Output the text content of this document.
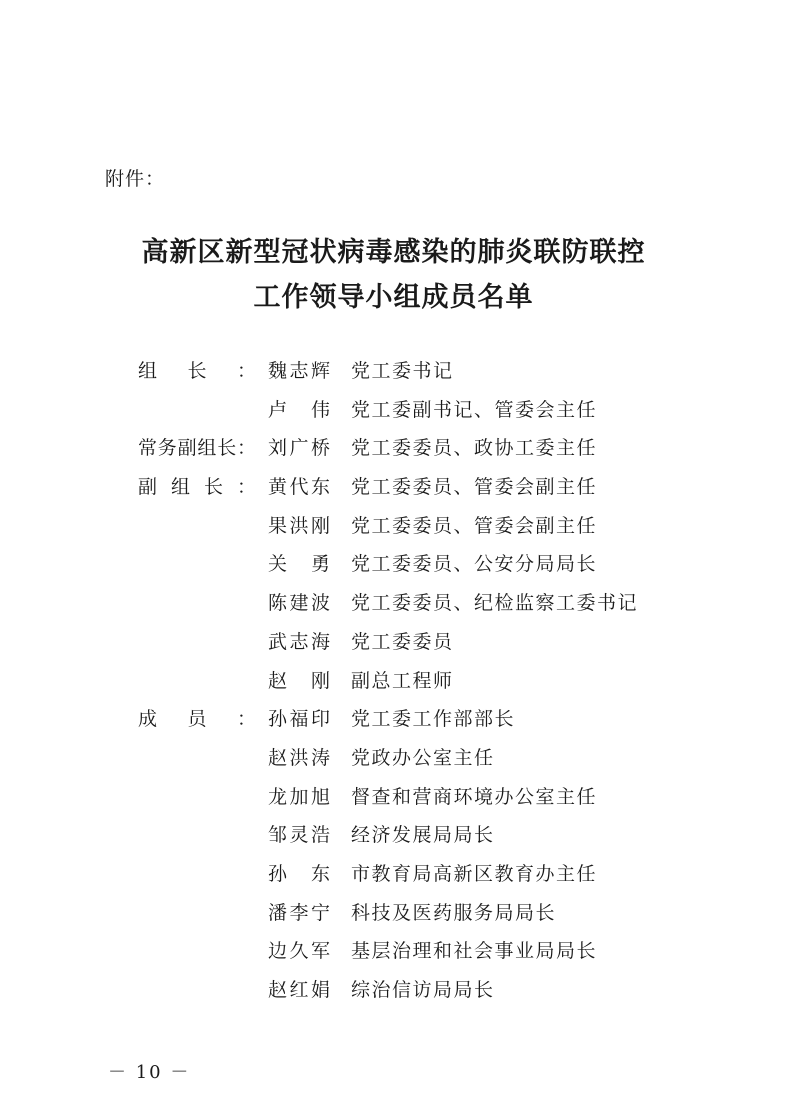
附件：
高新区新型冠状病毒感染的肺炎联防联控
工作领导小组成员名单
组 长 ： 魏 志 辉 党工委书记
卢 伟 党工委副书记、管委会主任
常 务 副 组 长 ： 刘 广 桥 党工委委员、政协工委主任
副 组 长 ： 黄 代 东 党工委委员、管委会副主任
果 洪 刚 党工委委员、管委会副主任
关 勇 党工委委员、公安分局局长
陈 建 波 党工委委员、纪检监察工委书记
武 志 海 党工委委员
赵 刚 副总工程师
成 员 ： 孙 福 印 党工委工作部部长
赵 洪 涛 党政办公室主任
龙 加 旭 督查和营商环境办公室主任
邹 灵 浩 经济发展局局长
孙 东 市教育局高新区教育办主任
潘 李 宁 科技及医药服务局局长
边 久 军 基层治理和社会事业局局长
赵 红 娟 综治信访局局长
－ 10 －
